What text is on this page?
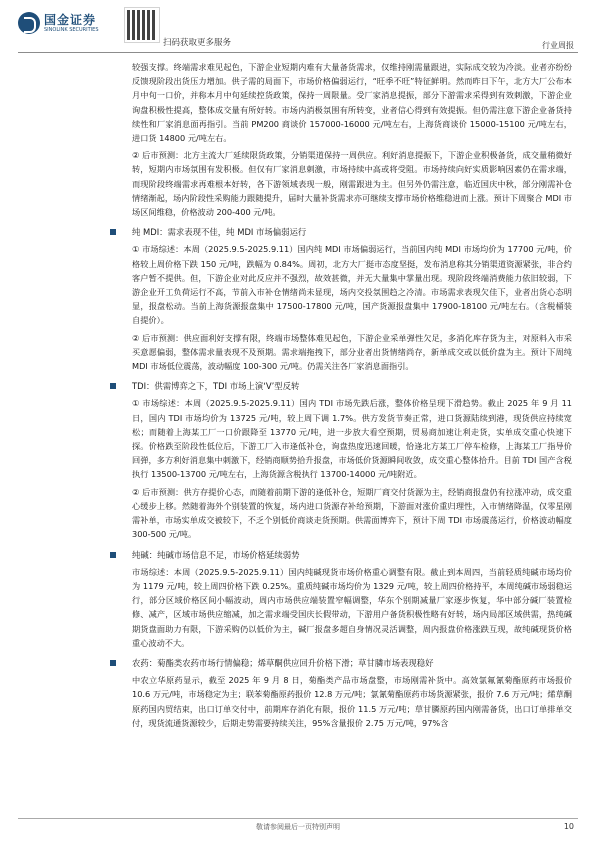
国金证券
SINOLINK SECURITIES
扫码获取更多服务	行业周报

较强支撑。终端需求难见起色，下游企业短期内难有大量备货需求，仅维持刚需量跟进，实际成交较为冷淡。业者亦纷纷反馈现阶段出货压力增加。供子需的局面下，市场价格偏弱运行，“旺季不旺”特征鲜明。然而昨日下午，北方大厂公布本月中旬一口价，并称本月中旬延续控货政策，保持一周限量。受厂家消息提振，部分下游需求采得到有效刺激，下游企业询盘积极性提高，整体成交量有所好转。市场内消极氛围有所转变，业者信心得到有效提振。但仍需注意下游企业备货持续性和厂家消息面再指引。当前 PM200 商谈价 157000-16000 元/吨左右，上海货商谈价 15000-15100 元/吨左右，进口货 14800 元/吨左右。

② 后市预测：北方主流大厂延续限货政策，分销渠道保持一周供应。利好消息提振下，下游企业积极备货，成交量稍微好转，短期内市场氛围有发积极。但仅有厂家消息刺激，市场持续中高或将受阻。市场持续向好实质影响因素仍在需求端，而现阶段终端需求再难根本好转，各下游领域表现一般，刚需跟进为主。但另外仍需注意，临近国庆中秋，部分刚需补仓情绪渐起，场内阶段性采购能力跟随提升，届时大量补货需求亦可继续支撑市场价格维稳进而上涨。预计下周聚合 MDI 市场区间维稳，价格波动 200-400 元/吨。

纯 MDI：需求表现不佳，纯 MDI 市场偏弱运行

① 市场综述：本周（2025.9.5-2025.9.11）国内纯 MDI 市场偏弱运行，当前国内纯 MDI 市场均价为 17700 元/吨，价格较上周价格下跌 150 元/吨，跌幅为 0.84%。周初，北方大厂挺市态度坚挺，发布消息称其分销渠道资源紧张，非合约客户暂不提供。但，下游企业对此反应并不强烈，故效甚微，并无大量集中掌量出现。现阶段终端消费能力依旧较弱，下游企业开工负荷运行不高，节前入市补仓情绪尚未显现，场内交投氛围趋之冷清。市场需求表现欠佳下，业者出货心态明显，报盘松动。当前上海货源报盘集中 17500-17800 元/吨，国产货源报盘集中 17900-18100 元/吨左右。（含税桶装自提价）。

② 后市预测：供应面利好支撑有限，终端市场整体难见起色，下游企业采单弹性欠足，多消化库存货为主，对原料入市采买意愿偏弱，整体需求量表现不及预期。需求端拖拽下，部分业者出货情绪尚存，新单成交或以低价盘为主。预计下周纯 MDI 市场低位震荡，波动幅度 100-300 元/吨。仍需关注各厂家消息面指引。

TDI：供需博弈之下，TDI 市场上演‘V’型反转

① 市场综述：本周（2025.9.5-2025.9.11）国内 TDI 市场先跌后涨，整体价格呈现下滑趋势。截止 2025 年 9 月 11 日，国内 TDI 市场均价为 13725 元/吨，较上周下调 1.7%。供方发货节奏正常，进口货源陆续到港，现货供应持续宽松；而随着上海某工厂一口价跟降至 13770 元/吨，进一步放大看空预期，贸易商加速让利走货，实单成交重心快速下探。价格跌至阶段性低位后，下游工厂入市逢低补仓，询盘热度迅速回暖，恰逢北方某工厂停车检修，上海某工厂指导价回弹，多方利好消息集中刺激下，经销商顺势拾升报盘，市场低价货源瞬间收敛，成交重心整体拾升。目前 TDI 国产含税执行 13500-13700 元/吨左右，上海货源含税执行 13700-14000 元/吨附近。

② 后市预测：供方存提价心态，而随着前期下游的逢低补仓，短期厂商交付货源为主，经销商报盘仍有拉涨冲动，成交重心缓步上移。然随着海外个别装置的恢复，场内进口货源存补给预期，下游面对涨价重归理性，入市情绪降温，仅零星刚需补单，市场实单成交被较下，不乏个别低价商谈走货预期。供需面博弈下，预计下周 TDI 市场震荡运行，价格波动幅度 300-500 元/吨。

纯碱：纯碱市场信息不足，市场价格延续弱势

市场综述：本周（2025.9.5-2025.9.11）国内纯碱现货市场价格重心调整有限。截止到本周四，当前轻质纯碱市场均价为 1179 元/吨，较上周四价格下跌 0.25%。重质纯碱市场均价为 1329 元/吨，较上周四价格持平，本周纯碱市场弱稳运行，部分区域价格区间小幅波动，周内市场供应端装置窄幅调整，华东个别期减量厂家逐步恢复，华中部分碱厂装置检修、减产，区域市场供应缩减，加之需求端受国庆长假带动，下游用户备货积极性略有好转，场内局部区域供需，热纯碱期货盘面助力有限，下游采购仍以低价为主，碱厂报盘多超自身情况灵活调整，周内报盘价格涨跌互现，故纯碱现货价格重心波动不大。

农药：菊酯类农药市场行情偏稳；烯草酮供应回升价格下滑；草甘膦市场表现稳好

中农立华原药显示，截至 2025 年 9 月 8 日，菊酯类产品市场盘整，市场刚需补货中。高效氯氟氰菊酯原药市场报价 10.6 万元/吨，市场稳定为主；联苯菊酯原药报价 12.8 万元/吨；氯氰菊酯原药市场货源紧张，报价 7.6 万元/吨；烯草酮原药国内贸结束，出口订单交付中，前期库存消化有限，报价 11.5 万元/吨；草甘膦原药国内刚需备货，出口订单排单交付，现货流通货源较少，后期走势需要持续关注，95%含量报价 2.75 万元/吨，97%含

敬请参阅最后一页特别声明	10
